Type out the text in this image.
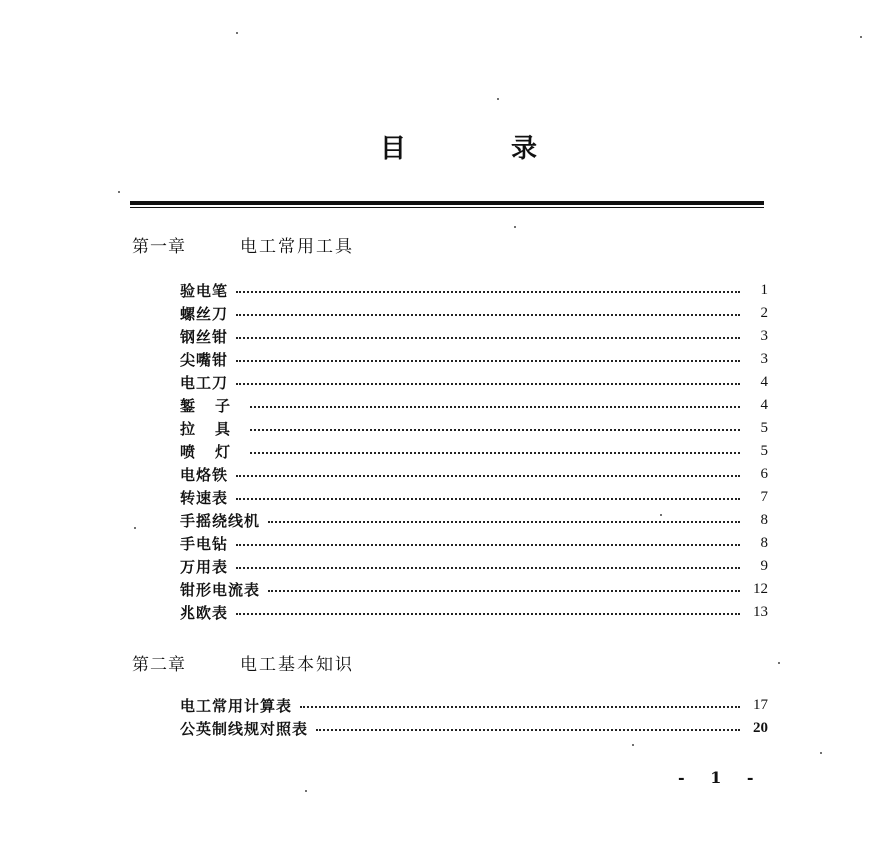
目 录
第一章	电工常用工具
验电笔	1
螺丝刀	2
钢丝钳	3
尖嘴钳	3
电工刀	4
錾子	4
拉具	5
喷灯	5
电烙铁	6
转速表	7
手摇绕线机	8
手电钻	8
万用表	9
钳形电流表	12
兆欧表	13
第二章	电工基本知识
电工常用计算表	17
公英制线规对照表	20
- 1 -
